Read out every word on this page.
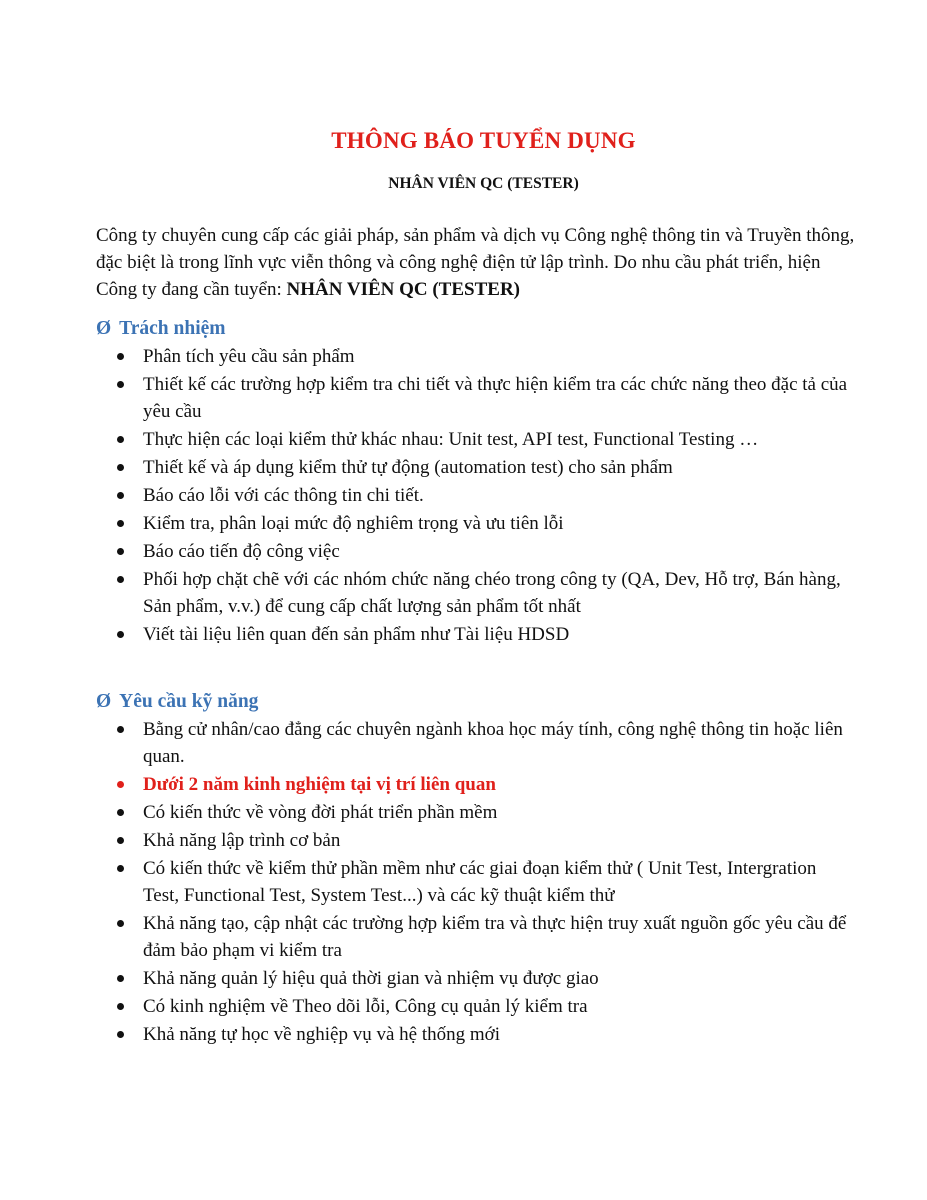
THÔNG BÁO TUYỂN DỤNG
NHÂN VIÊN QC (TESTER)

Công ty chuyên cung cấp các giải pháp, sản phẩm và dịch vụ Công nghệ thông tin và Truyền thông, đặc biệt là trong lĩnh vực viễn thông và công nghệ điện tử lập trình. Do nhu cầu phát triển, hiện Công ty đang cần tuyển: NHÂN VIÊN QC (TESTER)

Ø Trách nhiệm
Phân tích yêu cầu sản phẩm
Thiết kế các trường hợp kiểm tra chi tiết và thực hiện kiểm tra các chức năng theo đặc tả của yêu cầu
Thực hiện các loại kiểm thử khác nhau: Unit test, API test, Functional Testing …
Thiết kế và áp dụng kiểm thử tự động (automation test) cho sản phẩm
Báo cáo lỗi với các thông tin chi tiết.
Kiểm tra, phân loại mức độ nghiêm trọng và ưu tiên lỗi
Báo cáo tiến độ công việc
Phối hợp chặt chẽ với các nhóm chức năng chéo trong công ty (QA, Dev, Hỗ trợ, Bán hàng, Sản phẩm, v.v.) để cung cấp chất lượng sản phẩm tốt nhất
Viết tài liệu liên quan đến sản phẩm như Tài liệu HDSD
Ø Yêu cầu kỹ năng
Bằng cử nhân/cao đẳng các chuyên ngành khoa học máy tính, công nghệ thông tin hoặc liên quan.
Dưới 2 năm kinh nghiệm tại vị trí liên quan
Có kiến thức về vòng đời phát triển phần mềm
Khả năng lập trình cơ bản
Có kiến thức về kiểm thử phần mềm như các giai đoạn kiểm thử ( Unit Test, Intergration Test, Functional Test, System Test...) và các kỹ thuật kiểm thử
Khả năng tạo, cập nhật các trường hợp kiểm tra và thực hiện truy xuất nguồn gốc yêu cầu để đảm bảo phạm vi kiểm tra
Khả năng quản lý hiệu quả thời gian và nhiệm vụ được giao
Có kinh nghiệm về Theo dõi lỗi, Công cụ quản lý kiểm tra
Khả năng tự học về nghiệp vụ và hệ thống mới
